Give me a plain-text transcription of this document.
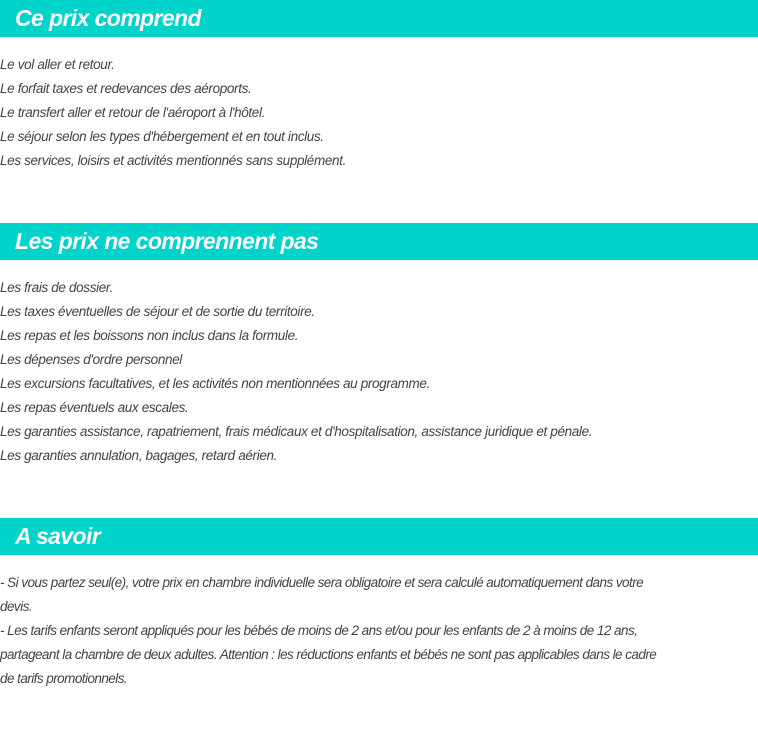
Ce prix comprend
Le vol aller et retour.
Le forfait taxes et redevances des aéroports.
Le transfert aller et retour de l'aéroport à l'hôtel.
Le séjour selon les types d'hébergement et en tout inclus.
Les services, loisirs et activités mentionnés sans supplément.
Les prix ne comprennent pas
Les frais de dossier.
Les taxes éventuelles de séjour et de sortie du territoire.
Les repas et les boissons non inclus dans la formule.
Les dépenses d'ordre personnel
Les excursions facultatives, et les activités non mentionnées au programme.
Les repas éventuels aux escales.
Les garanties assistance, rapatriement, frais médicaux et d'hospitalisation, assistance juridique et pénale.
Les garanties annulation, bagages, retard aérien.
A savoir
- Si vous partez seul(e), votre prix en chambre individuelle sera obligatoire et sera calculé automatiquement dans votre
devis.
- Les tarifs enfants seront appliqués pour les bébés de moins de 2 ans et/ou pour les enfants de 2 à moins de 12 ans,
partageant la chambre de deux adultes. Attention : les réductions enfants et bébés ne sont pas applicables dans le cadre
de tarifs promotionnels.
